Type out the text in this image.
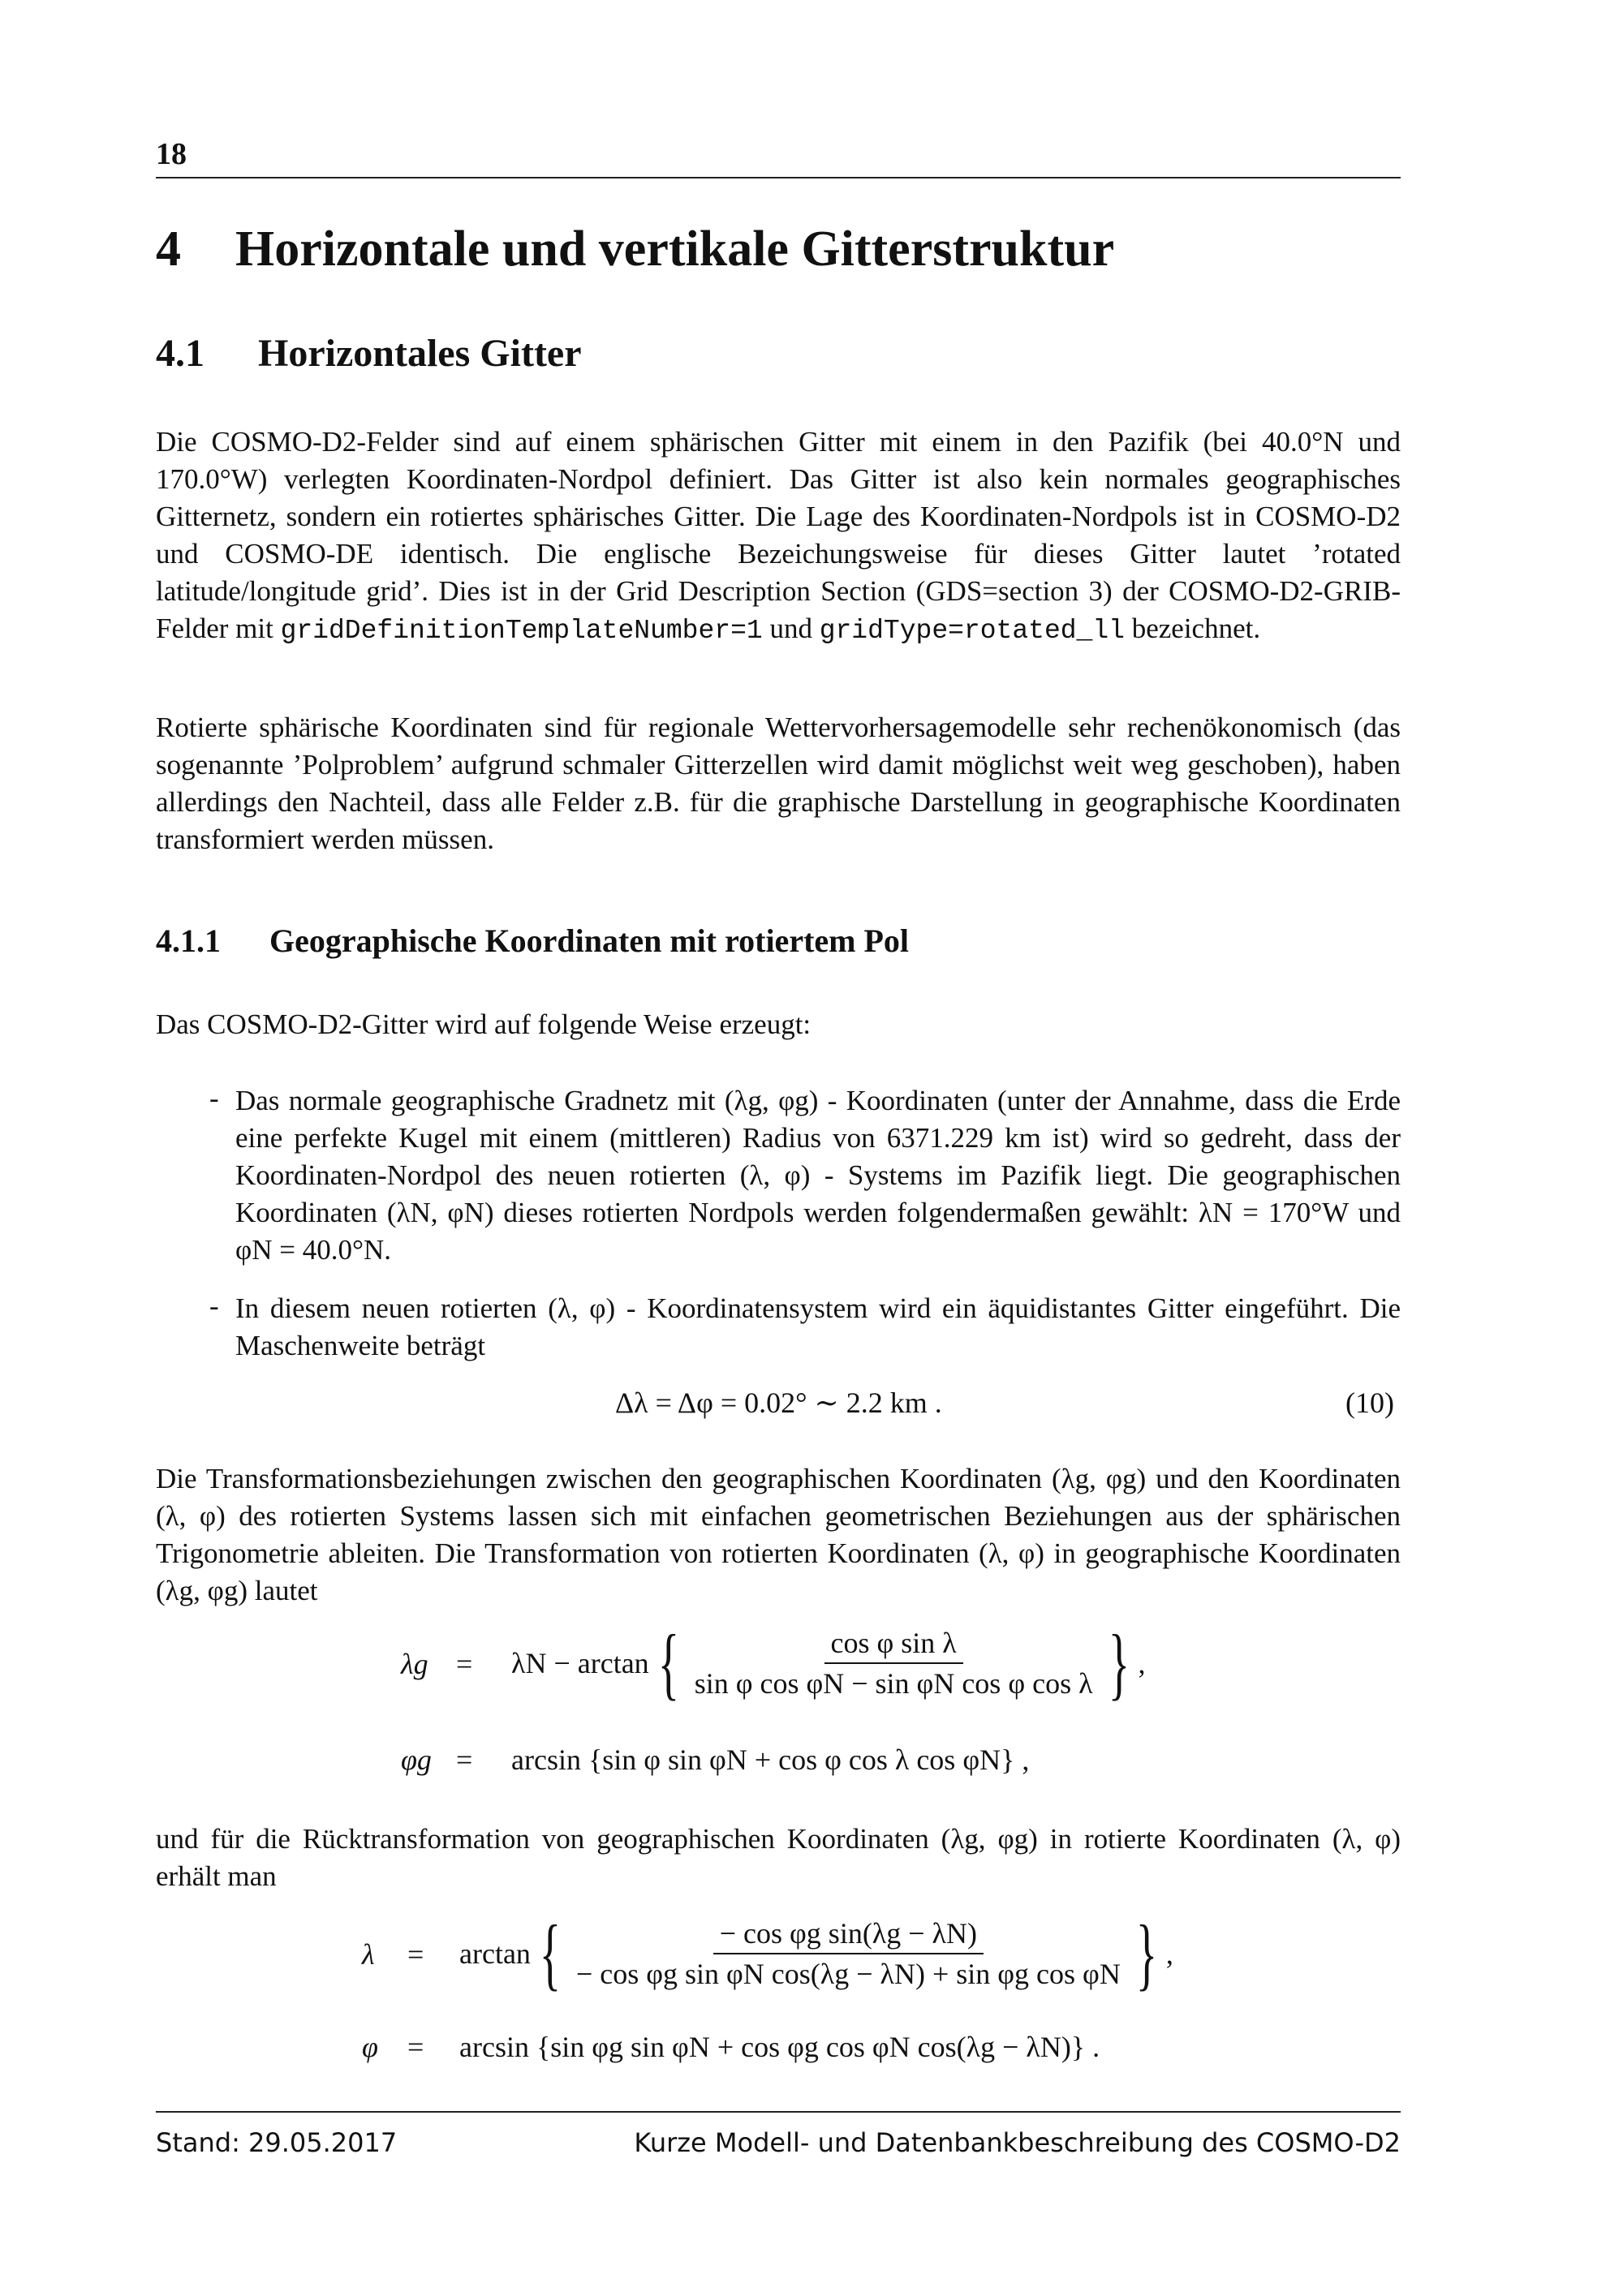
18
4 Horizontale und vertikale Gitterstruktur
4.1 Horizontales Gitter
Die COSMO-D2-Felder sind auf einem sphärischen Gitter mit einem in den Pazifik (bei 40.0°N und 170.0°W) verlegten Koordinaten-Nordpol definiert. Das Gitter ist also kein normales geographisches Gitternetz, sondern ein rotiertes sphärisches Gitter. Die Lage des Koordinaten-Nordpols ist in COSMO-D2 und COSMO-DE identisch. Die englische Bezeichungsweise für dieses Gitter lautet ’rotated latitude/longitude grid’. Dies ist in der Grid Description Section (GDS=section 3) der COSMO-D2-GRIB-Felder mit gridDefinitionTemplateNumber=1 und gridType=rotated_ll bezeichnet.
Rotierte sphärische Koordinaten sind für regionale Wettervorhersagemodelle sehr rechenökonomisch (das sogenannte ’Polproblem’ aufgrund schmaler Gitterzellen wird damit möglichst weit weg geschoben), haben allerdings den Nachteil, dass alle Felder z.B. für die graphische Darstellung in geographische Koordinaten transformiert werden müssen.
4.1.1 Geographische Koordinaten mit rotiertem Pol
Das COSMO-D2-Gitter wird auf folgende Weise erzeugt:
- Das normale geographische Gradnetz mit (λg, φg) - Koordinaten (unter der Annahme, dass die Erde eine perfekte Kugel mit einem (mittleren) Radius von 6371.229 km ist) wird so gedreht, dass der Koordinaten-Nordpol des neuen rotierten (λ, φ) - Systems im Pazifik liegt. Die geographischen Koordinaten (λN, φN) dieses rotierten Nordpols werden folgendermaßen gewählt: λN = 170°W und φN = 40.0°N.
- In diesem neuen rotierten (λ, φ) - Koordinatensystem wird ein äquidistantes Gitter eingeführt. Die Maschenweite beträgt
Δλ = Δφ = 0.02° ∼ 2.2 km .	(10)
Die Transformationsbeziehungen zwischen den geographischen Koordinaten (λg, φg) und den Koordinaten (λ, φ) des rotierten Systems lassen sich mit einfachen geometrischen Beziehungen aus der sphärischen Trigonometrie ableiten. Die Transformation von rotierten Koordinaten (λ, φ) in geographische Koordinaten (λg, φg) lautet
λg = λN − arctan { $\frac{\text{cos φ sin λ}}{\text{sin φ cos φN − sin φN cos φ cos λ}}$ } ,
φg = arcsin {sin φ sin φN + cos φ cos λ cos φN} ,
und für die Rücktransformation von geographischen Koordinaten (λg, φg) in rotierte Koordinaten (λ, φ) erhält man
λ = arctan { $\frac{\text{− cos φg sin(λg − λN)}}{\text{− cos φg sin φN cos(λg − λN) + sin φg cos φN}}$ } ,
φ = arcsin {sin φg sin φN + cos φg cos φN cos(λg − λN)} .
Stand: 29.05.2017	Kurze Modell- und Datenbankbeschreibung des COSMO-D2
